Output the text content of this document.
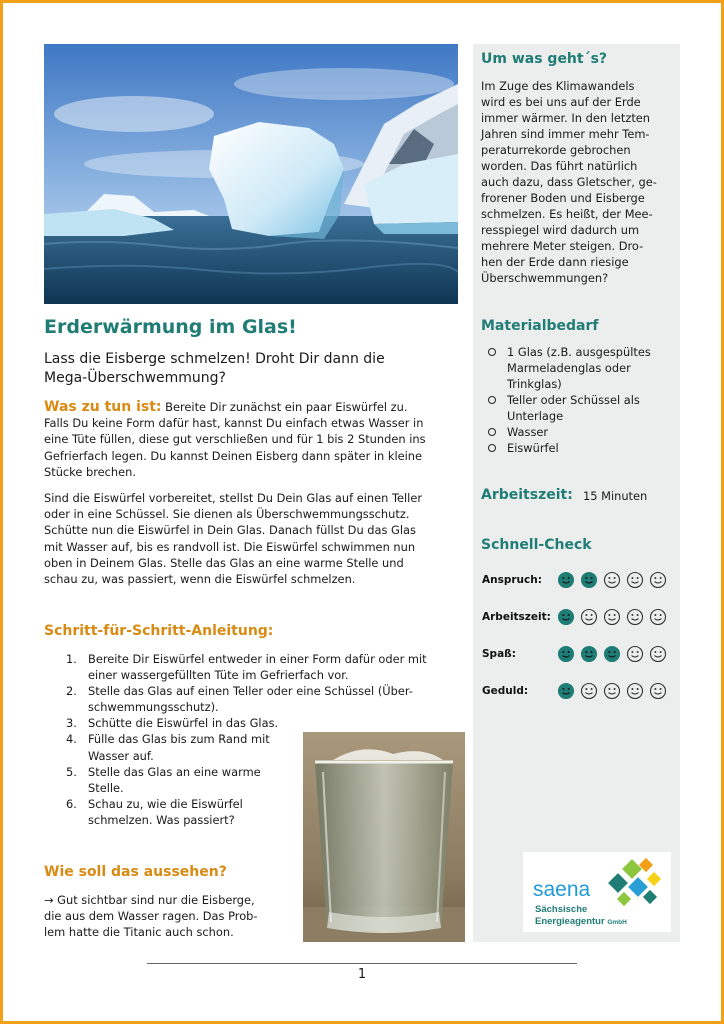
Um was geht´s?
Im Zuge des Klimawandels
wird es bei uns auf der Erde
immer wärmer. In den letzten
Jahren sind immer mehr Tem-
peraturrekorde gebrochen
worden. Das führt natürlich
auch dazu, dass Gletscher, ge-
frorener Boden und Eisberge
schmelzen. Es heißt, der Mee-
resspiegel wird dadurch um
mehrere Meter steigen. Dro-
hen der Erde dann riesige
Überschwemmungen?
Materialbedarf
1 Glas (z.B. ausgespültes
Marmeladenglas oder
Trinkglas)
Teller oder Schüssel als
Unterlage
Wasser
Eiswürfel
Arbeitszeit: 15 Minuten
Schnell-Check
Anspruch:
Arbeitszeit:
Spaß:
Geduld:
saena
Sächsische
Energieagentur GmbH
Erderwärmung im Glas!
Lass die Eisberge schmelzen! Droht Dir dann die
Mega-Überschwemmung?
Was zu tun ist: Bereite Dir zunächst ein paar Eiswürfel zu.
Falls Du keine Form dafür hast, kannst Du einfach etwas Wasser in
eine Tüte füllen, diese gut verschließen und für 1 bis 2 Stunden ins
Gefrierfach legen. Du kannst Deinen Eisberg dann später in kleine
Stücke brechen.
Sind die Eiswürfel vorbereitet, stellst Du Dein Glas auf einen Teller
oder in eine Schüssel. Sie dienen als Überschwemmungsschutz.
Schütte nun die Eiswürfel in Dein Glas. Danach füllst Du das Glas
mit Wasser auf, bis es randvoll ist. Die Eiswürfel schwimmen nun
oben in Deinem Glas. Stelle das Glas an eine warme Stelle und
schau zu, was passiert, wenn die Eiswürfel schmelzen.
Schritt-für-Schritt-Anleitung:
1. Bereite Dir Eiswürfel entweder in einer Form dafür oder mit
einer wassergefüllten Tüte im Gefrierfach vor.
2. Stelle das Glas auf einen Teller oder eine Schüssel (Über-
schwemmungsschutz).
3. Schütte die Eiswürfel in das Glas.
4. Fülle das Glas bis zum Rand mit
Wasser auf.
5. Stelle das Glas an eine warme
Stelle.
6. Schau zu, wie die Eiswürfel
schmelzen. Was passiert?
Wie soll das aussehen?
→ Gut sichtbar sind nur die Eisberge,
die aus dem Wasser ragen. Das Prob-
lem hatte die Titanic auch schon.
1
